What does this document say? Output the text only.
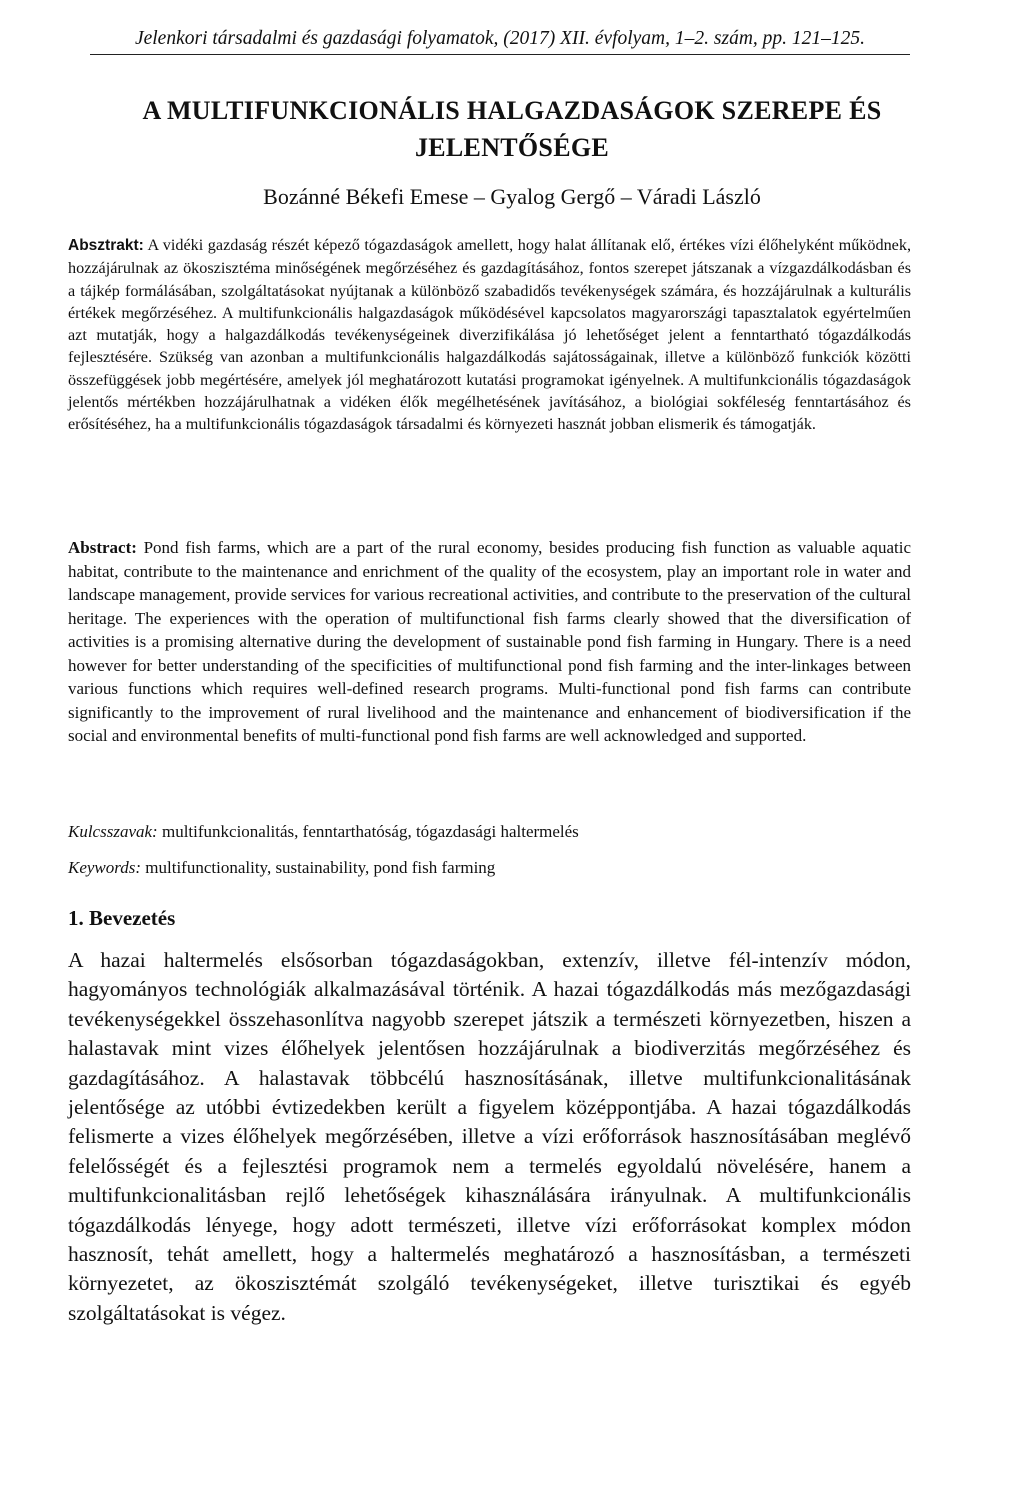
Jelenkori társadalmi és gazdasági folyamatok, (2017) XII. évfolyam, 1–2. szám, pp. 121–125.
A MULTIFUNKCIONÁLIS HALGAZDASÁGOK SZEREPE ÉS JELENTŐSÉGE
Bozánné Békefi Emese – Gyalog Gergő – Váradi László
Absztrakt: A vidéki gazdaság részét képező tógazdaságok amellett, hogy halat állítanak elő, értékes vízi élőhelyként működnek, hozzájárulnak az ökoszisztéma minőségének megőrzéséhez és gazdagításához, fontos szerepet játszanak a vízgazdálkodásban és a tájkép formálásában, szolgáltatásokat nyújtanak a különböző szabadidős tevékenységek számára, és hozzájárulnak a kulturális értékek megőrzéséhez. A multifunkcionális halgazdaságok működésével kapcsolatos magyarországi tapasztalatok egyértelműen azt mutatják, hogy a halgazdálkodás tevékenységeinek diverzifikálása jó lehetőséget jelent a fenntartható tógazdálkodás fejlesztésére. Szükség van azonban a multifunkcionális halgazdálkodás sajátosságainak, illetve a különböző funkciók közötti összefüggések jobb megértésére, amelyek jól meghatározott kutatási programokat igényelnek. A multifunkcionális tógazdaságok jelentős mértékben hozzájárulhatnak a vidéken élők megélhetésének javításához, a biológiai sokféleség fenntartásához és erősítéséhez, ha a multifunkcionális tógazdaságok társadalmi és környezeti hasznát jobban elismerik és támogatják.
Abstract: Pond fish farms, which are a part of the rural economy, besides producing fish function as valuable aquatic habitat, contribute to the maintenance and enrichment of the quality of the ecosystem, play an important role in water and landscape management, provide services for various recreational activities, and contribute to the preservation of the cultural heritage. The experiences with the operation of multifunctional fish farms clearly showed that the diversification of activities is a promising alternative during the development of sustainable pond fish farming in Hungary. There is a need however for better understanding of the specificities of multifunctional pond fish farming and the inter-linkages between various functions which requires well-defined research programs. Multi-functional pond fish farms can contribute significantly to the improvement of rural livelihood and the maintenance and enhancement of biodiversification if the social and environmental benefits of multi-functional pond fish farms are well acknowledged and supported.
Kulcsszavak: multifunkcionalitás, fenntarthatóság, tógazdasági haltermelés
Keywords: multifunctionality, sustainability, pond fish farming
1. Bevezetés
A hazai haltermelés elsősorban tógazdaságokban, extenzív, illetve fél-intenzív módon, hagyományos technológiák alkalmazásával történik. A hazai tógazdálkodás más mezőgazdasági tevékenységekkel összehasonlítva nagyobb szerepet játszik a természeti környezetben, hiszen a halastavak mint vizes élőhelyek jelentősen hozzájárulnak a biodiverzitás megőrzéséhez és gazdagításához. A halastavak többcélú hasznosításának, illetve multifunkcionalitásának jelentősége az utóbbi évtizedekben került a figyelem középpontjába. A hazai tógazdálkodás felismerte a vizes élőhelyek megőrzésében, illetve a vízi erőforrások hasznosításában meglévő felelősségét és a fejlesztési programok nem a termelés egyoldalú növelésére, hanem a multifunkcionalitásban rejlő lehetőségek kihasználására irányulnak. A multifunkcionális tógazdálkodás lényege, hogy adott természeti, illetve vízi erőforrásokat komplex módon hasznosít, tehát amellett, hogy a haltermelés meghatározó a hasznosításban, a természeti környezetet, az ökoszisztémát szolgáló tevékenységeket, illetve turisztikai és egyéb szolgáltatásokat is végez.
